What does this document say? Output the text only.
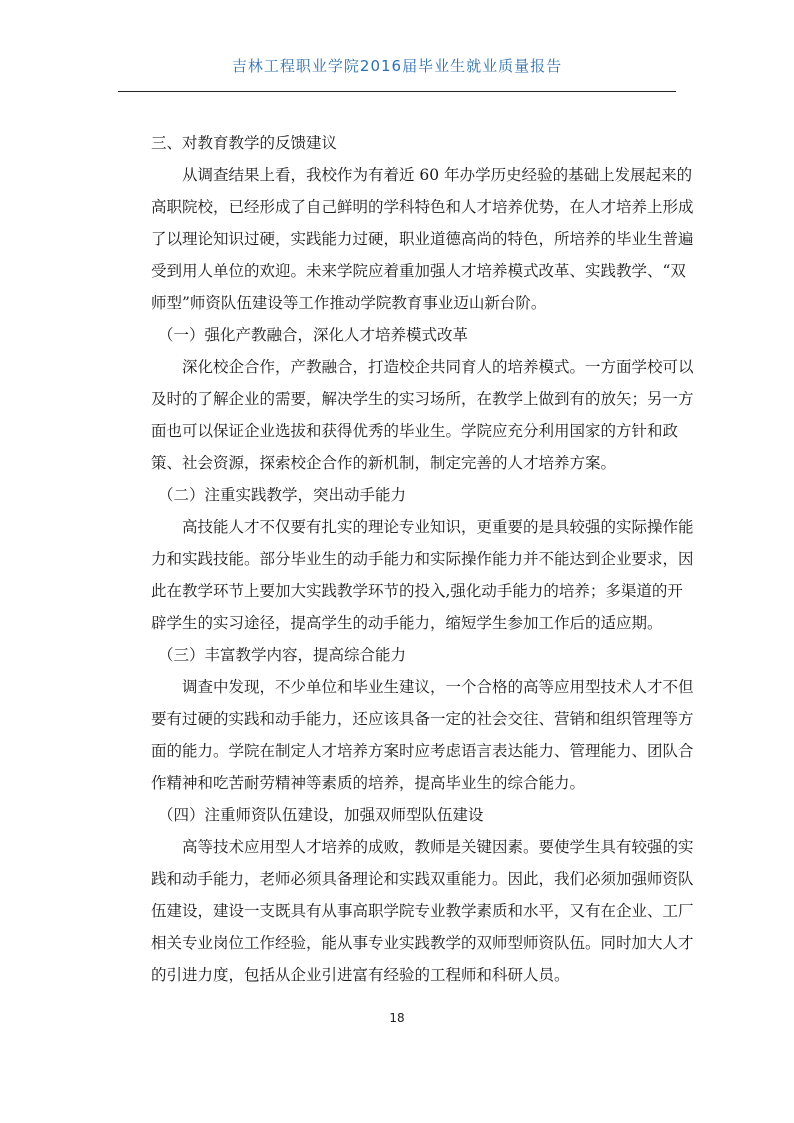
吉林工程职业学院2016届毕业生就业质量报告

三、对教育教学的反馈建议

从调查结果上看，我校作为有着近 60 年办学历史经验的基础上发展起来的
高职院校，已经形成了自己鲜明的学科特色和人才培养优势，在人才培养上形成
了以理论知识过硬，实践能力过硬，职业道德高尚的特色，所培养的毕业生普遍
受到用人单位的欢迎。未来学院应着重加强人才培养模式改革、实践教学、“双
师型”师资队伍建设等工作推动学院教育事业迈山新台阶。

（一）强化产教融合，深化人才培养模式改革

深化校企合作，产教融合，打造校企共同育人的培养模式。一方面学校可以
及时的了解企业的需要，解决学生的实习场所，在教学上做到有的放矢；另一方
面也可以保证企业选拔和获得优秀的毕业生。学院应充分利用国家的方针和政
策、社会资源，探索校企合作的新机制，制定完善的人才培养方案。

（二）注重实践教学，突出动手能力

高技能人才不仅要有扎实的理论专业知识，更重要的是具较强的实际操作能
力和实践技能。部分毕业生的动手能力和实际操作能力并不能达到企业要求，因
此在教学环节上要加大实践教学环节的投入,强化动手能力的培养；多渠道的开
辟学生的实习途径，提高学生的动手能力，缩短学生参加工作后的适应期。

（三）丰富教学内容，提高综合能力

调查中发现，不少单位和毕业生建议，一个合格的高等应用型技术人才不但
要有过硬的实践和动手能力，还应该具备一定的社会交往、营销和组织管理等方
面的能力。学院在制定人才培养方案时应考虑语言表达能力、管理能力、团队合
作精神和吃苦耐劳精神等素质的培养，提高毕业生的综合能力。

（四）注重师资队伍建设，加强双师型队伍建设

高等技术应用型人才培养的成败，教师是关键因素。要使学生具有较强的实
践和动手能力，老师必须具备理论和实践双重能力。因此，我们必须加强师资队
伍建设，建设一支既具有从事高职学院专业教学素质和水平，又有在企业、工厂
相关专业岗位工作经验，能从事专业实践教学的双师型师资队伍。同时加大人才
的引进力度，包括从企业引进富有经验的工程师和科研人员。
18
